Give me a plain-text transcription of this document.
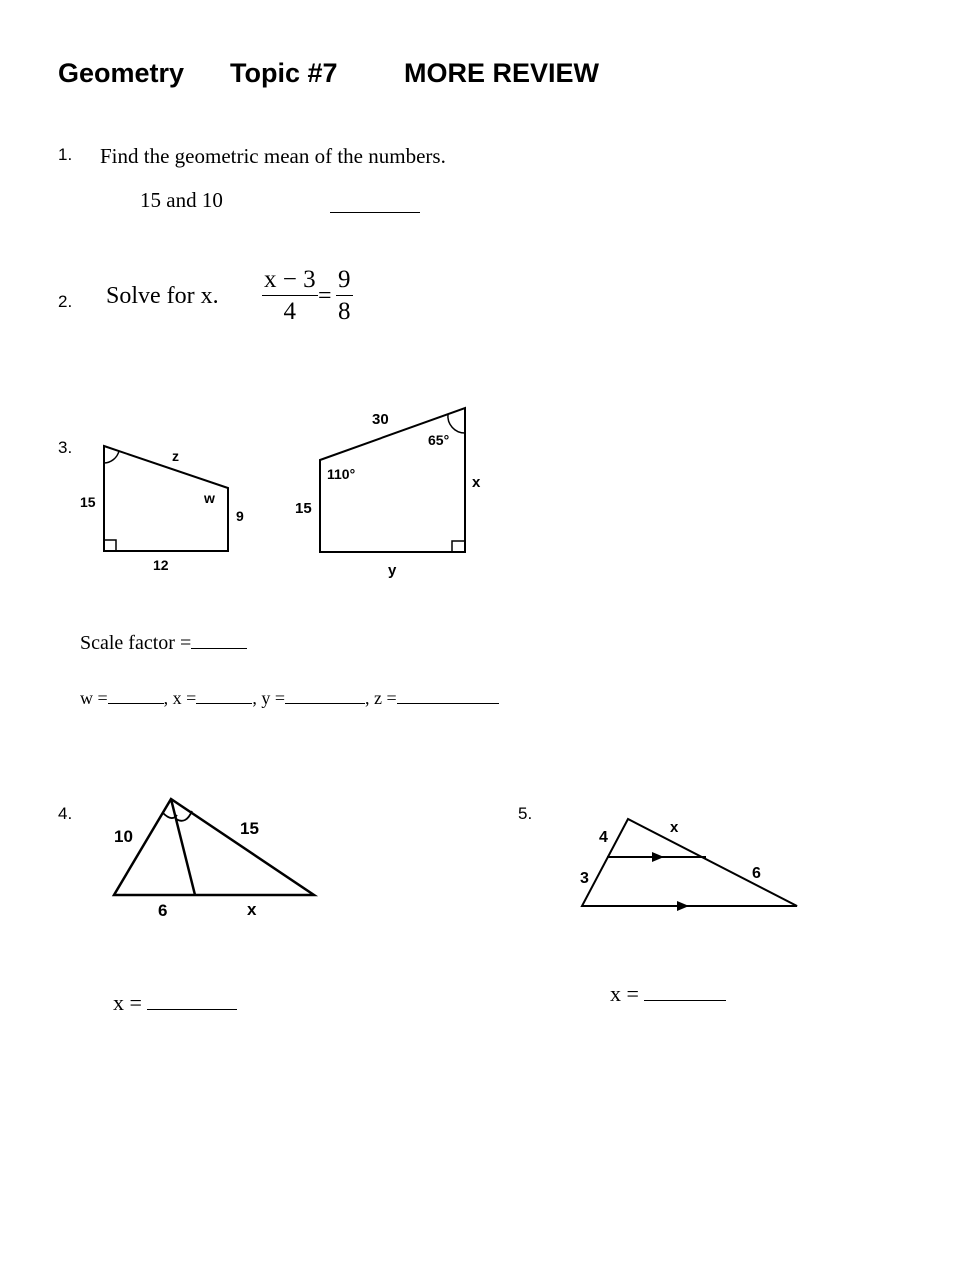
Geometry Topic #7 MORE REVIEW
1. Find the geometric mean of the numbers.
15 and 10
2. Solve for x. $\frac{x - 3}{4} = \frac{9}{8}$
3.	z
15
12
9
w
30
65°
110°
15
x
y
10	15
6	x
4
3
x
6
Scale factor =
w =	, x =	, y =	, z =
4.
x =
5.
x =
